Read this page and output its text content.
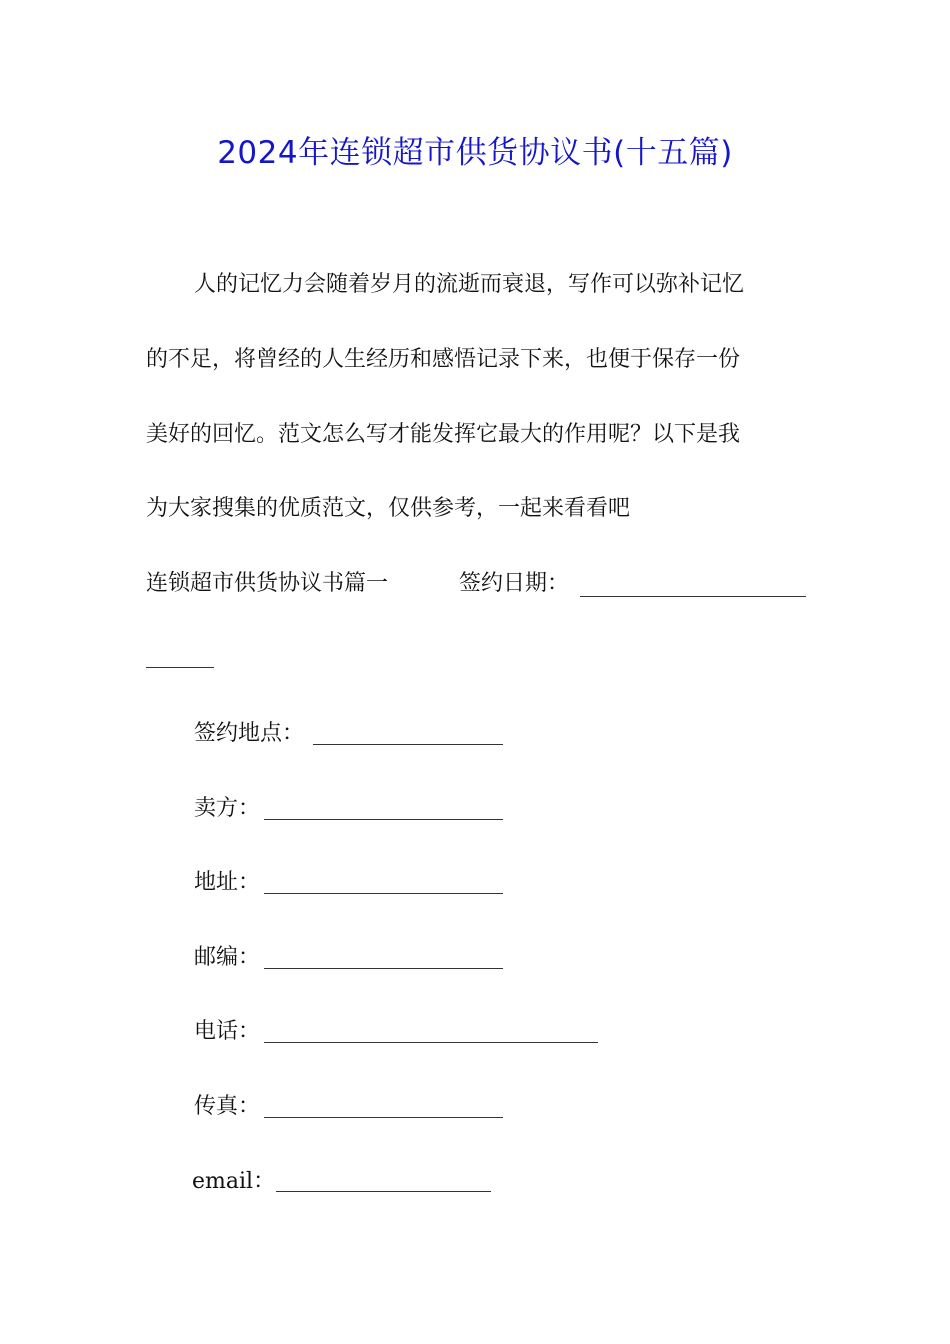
2024年连锁超市供货协议书(十五篇)
人的记忆力会随着岁月的流逝而衰退，写作可以弥补记忆
的不足，将曾经的人生经历和感悟记录下来，也便于保存一份
美好的回忆。范文怎么写才能发挥它最大的作用呢？以下是我
为大家搜集的优质范文，仅供参考，一起来看看吧
连锁超市供货协议书篇一	签约日期：
签约地点：
卖方：
地址：
邮编：
电话：
传真：
email：
